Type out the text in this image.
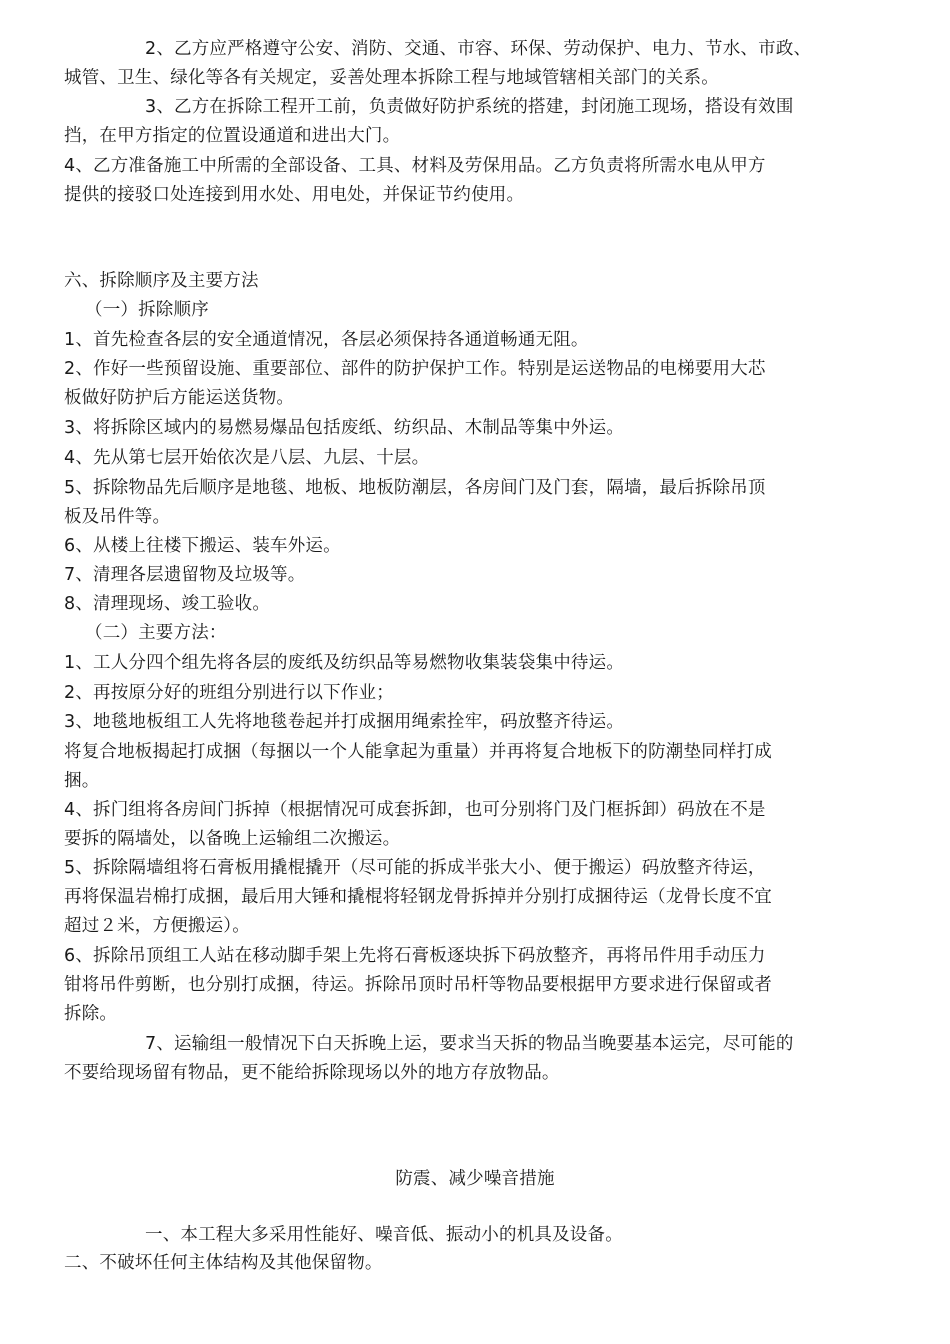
2、乙方应严格遵守公安、消防、交通、市容、环保、劳动保护、电力、节水、市政、
城管、卫生、绿化等各有关规定，妥善处理本拆除工程与地域管辖相关部门的关系。
3、乙方在拆除工程开工前，负责做好防护系统的搭建，封闭施工现场，搭设有效围
挡，在甲方指定的位置设通道和进出大门。
4、乙方准备施工中所需的全部设备、工具、材料及劳保用品。乙方负责将所需水电从甲方
提供的接驳口处连接到用水处、用电处，并保证节约使用。
六、拆除顺序及主要方法
（一）拆除顺序
1、首先检查各层的安全通道情况，各层必须保持各通道畅通无阻。
2、作好一些预留设施、重要部位、部件的防护保护工作。特别是运送物品的电梯要用大芯
板做好防护后方能运送货物。
3、将拆除区域内的易燃易爆品包括废纸、纺织品、木制品等集中外运。
4、先从第七层开始依次是八层、九层、十层。
5、拆除物品先后顺序是地毯、地板、地板防潮层，各房间门及门套，隔墙，最后拆除吊顶
板及吊件等。
6、从楼上往楼下搬运、装车外运。
7、清理各层遗留物及垃圾等。
8、清理现场、竣工验收。
（二）主要方法：
1、工人分四个组先将各层的废纸及纺织品等易燃物收集装袋集中待运。
2、再按原分好的班组分别进行以下作业；
3、地毯地板组工人先将地毯卷起并打成捆用绳索拴牢，码放整齐待运。
将复合地板揭起打成捆（每捆以一个人能拿起为重量）并再将复合地板下的防潮垫同样打成
捆。
4、拆门组将各房间门拆掉（根据情况可成套拆卸，也可分别将门及门框拆卸）码放在不是
要拆的隔墙处，以备晚上运输组二次搬运。
5、拆除隔墙组将石膏板用撬棍撬开（尽可能的拆成半张大小、便于搬运）码放整齐待运，
再将保温岩棉打成捆，最后用大锤和撬棍将轻钢龙骨拆掉并分别打成捆待运（龙骨长度不宜
超过２米，方便搬运）。
6、拆除吊顶组工人站在移动脚手架上先将石膏板逐块拆下码放整齐，再将吊件用手动压力
钳将吊件剪断，也分别打成捆，待运。拆除吊顶时吊杆等物品要根据甲方要求进行保留或者
拆除。
7、运输组一般情况下白天拆晚上运，要求当天拆的物品当晚要基本运完，尽可能的
不要给现场留有物品，更不能给拆除现场以外的地方存放物品。
防震、减少噪音措施
一、本工程大多采用性能好、噪音低、振动小的机具及设备。
二、不破坏任何主体结构及其他保留物。
